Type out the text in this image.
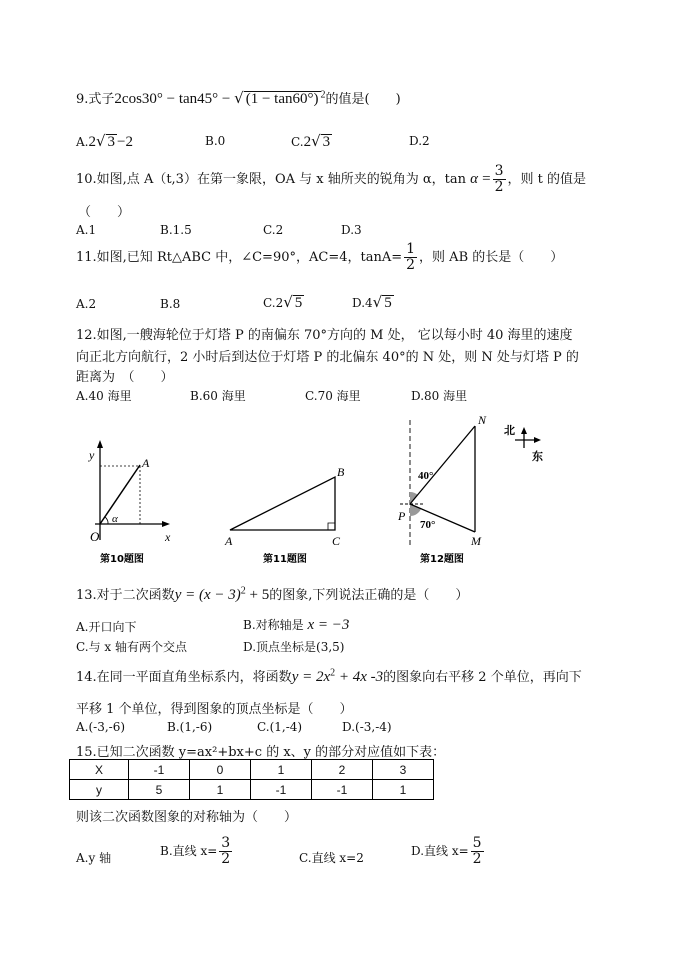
9.式子2cos30° − tan45° − √ (1 − tan60°) $^2$的值是(　　)
A.2√ 3 −2	B.0	C.2√ 3	D.2
10.如图,点 A（t,3）在第一象限，OA 与 x 轴所夹的锐角为 α，$\tan \alpha = \frac{3}{2}$ ，则 t 的值是
（　　）
A.1	B.1.5	C.2	D.3
11.如图,已知 Rt△ABC 中，∠C=90°，AC=4，$\tan A= \frac{1}{2}$ ，则 AB 的长是（　　）
A.2	B.8	C.2√ 5	D.4√ 5
12.如图,一艘海轮位于灯塔 P 的南偏东 70°方向的 M 处， 它以每小时 40 海里的速度
向正北方向航行，2 小时后到达位于灯塔 P 的北偏东 40°的 N 处，则 N 处与灯塔 P 的
距离为　（　　）
A.40 海里	B.60 海里	C.70 海里	D.80 海里
y
A
α
O	x
第10题图
A
B
C
第11题图
N
P
M
40°
70°
北
东
第12题图
13.对于二次函数$y = (x - 3)^2 + 5$的图象,下列说法正确的是（　　）
A.开口向下	B.对称轴是 x = −3
C.与 x 轴有两个交点	D.顶点坐标是(3,5)
14.在同一平面直角坐标系内，将函数$y = 2x^2 + 4x$ -3的图象向右平移 2 个单位，再向下
平移 1 个单位，得到图象的顶点坐标是（　　）
A.(-3,-6)	B.(1,-6)	C.(1,-4)	D.(-3,-4)
15.已知二次函数 y=ax²+bx+c 的 x、y 的部分对应值如下表：
X	-1	0	1	2	3
y	5	1	-1	-1	1
则该二次函数图象的对称轴为（　　）
A.y 轴	B.直线 $x= \frac{3}{2}$	C.直线 x=2	D.直线 $x= \frac{5}{2}$
